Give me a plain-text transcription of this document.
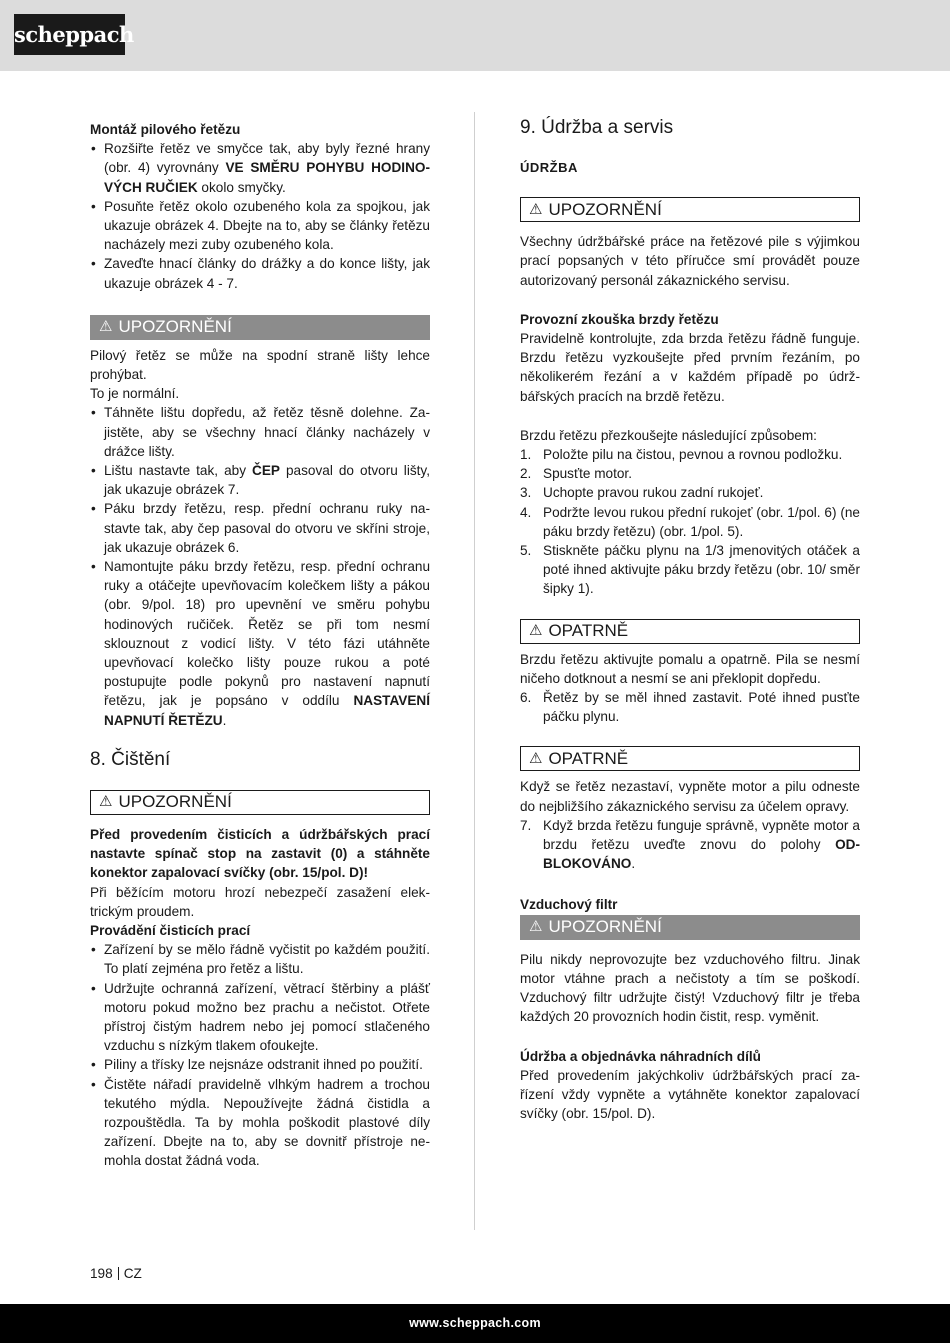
scheppach

Montáž pilového řetězu

• Rozšiřte řetěz ve smyčce tak, aby byly řezné hrany (obr. 4) vyrovnány VE SMĚRU POHYBU HODINOVÝCH RUČIEK okolo smyčky.
• Posuňte řetěz okolo ozubeného kola za spojkou, jak ukazuje obrázek 4. Dbejte na to, aby se články řetězu nacházely mezi zuby ozubeného kola.
• Zaveďte hnací články do drážky a do konce lišty, jak ukazuje obrázek 4 - 7.
⚠ UPOZORNĚNÍ

Pilový řetěz se může na spodní straně lišty lehce prohýbat.

To je normální.

• Táhněte lištu dopředu, až řetěz těsně dolehne. Zajistěte, aby se všechny hnací články nacházely v drážce lišty.
• Lištu nastavte tak, aby ČEP pasoval do otvoru lišty, jak ukazuje obrázek 7.
• Páku brzdy řetězu, resp. přední ochranu ruky nastavte tak, aby čep pasoval do otvoru ve skříni stroje, jak ukazuje obrázek 6.
• Namontujte páku brzdy řetězu, resp. přední ochranu ruky a otáčejte upevňovacím kolečkem lišty a pákou (obr. 9/pol. 18) pro upevnění ve směru pohybu hodinových ručiček. Řetěz se při tom nesmí sklouznout z vodicí lišty. V této fázi utáhněte upevňovací kolečko lišty pouze rukou a poté postupujte podle pokynů pro nastavení napnutí řetězu, jak je popsáno v oddílu NASTAVENÍ NAPNUTÍ ŘETĚZU.
8. Čištění
⚠ UPOZORNĚNÍ

Před provedením čisticích a údržbářských prací nastavte spínač stop na zastavit (0) a stáhněte konektor zapalovací svíčky (obr. 15/pol. D)!

Při běžícím motoru hrozí nebezpečí zasažení elektrickým proudem.

Provádění čisticích prací

• Zařízení by se mělo řádně vyčistit po každém použití. To platí zejména pro řetěz a lištu.
• Udržujte ochranná zařízení, větrací štěrbiny a plášť motoru pokud možno bez prachu a nečistot. Otřete přístroj čistým hadrem nebo jej pomocí stlačeného vzduchu s nízkým tlakem ofoukejte.
• Piliny a třísky lze nejsnáze odstranit ihned po použití.
• Čistěte nářadí pravidelně vlhkým hadrem a trochou tekutého mýdla. Nepoužívejte žádná čistidla a rozpouštědla. Ta by mohla poškodit plastové díly zařízení. Dbejte na to, aby se dovnitř přístroje nemohla dostat žádná voda.
9. Údržba a servis
ÚDRŽBA
⚠ UPOZORNĚNÍ

Všechny údržbářské práce na řetězové pile s výjimkou prací popsaných v této příručce smí provádět pouze autorizovaný personál zákaznického servisu.

Provozní zkouška brzdy řetězu

Pravidelně kontrolujte, zda brzda řetězu řádně funguje. Brzdu řetězu vyzkoušejte před prvním řezáním, po několikerém řezání a v každém případě po údržbářských pracích na brzdě řetězu.

Brzdu řetězu přezkoušejte následující způsobem:

1. Položte pilu na čistou, pevnou a rovnou podložku.
2. Spusťte motor.
3. Uchopte pravou rukou zadní rukojeť.
4. Podržte levou rukou přední rukojeť (obr. 1/pol. 6) (ne páku brzdy řetězu) (obr. 1/pol. 5).
5. Stiskněte páčku plynu na 1/3 jmenovitých otáček a poté ihned aktivujte páku brzdy řetězu (obr. 10/ směr šipky 1).
⚠ OPATRNĚ

Brzdu řetězu aktivujte pomalu a opatrně. Pila se nesmí ničeho dotknout a nesmí se ani překlopit dopředu.

6. Řetěz by se měl ihned zastavit. Poté ihned pusťte páčku plynu.
⚠ OPATRNĚ

Když se řetěz nezastaví, vypněte motor a pilu odneste do nejbližšího zákaznického servisu za účelem opravy.

7. Když brzda řetězu funguje správně, vypněte motor a brzdu řetězu uveďte znovu do polohy ODBLOKOVÁNO.

Vzduchový filtr

⚠ UPOZORNĚNÍ

Pilu nikdy neprovozujte bez vzduchového filtru. Jinak motor vtáhne prach a nečistoty a tím se poškodí. Vzduchový filtr udržujte čistý! Vzduchový filtr je třeba každých 20 provozních hodin čistit, resp. vyměnit.

Údržba a objednávka náhradních dílů

Před provedením jakýchkoliv údržbářských prací zařízení vždy vypněte a vytáhněte konektor zapalovací svíčky (obr. 15/pol. D).

198 CZ
www.scheppach.com
